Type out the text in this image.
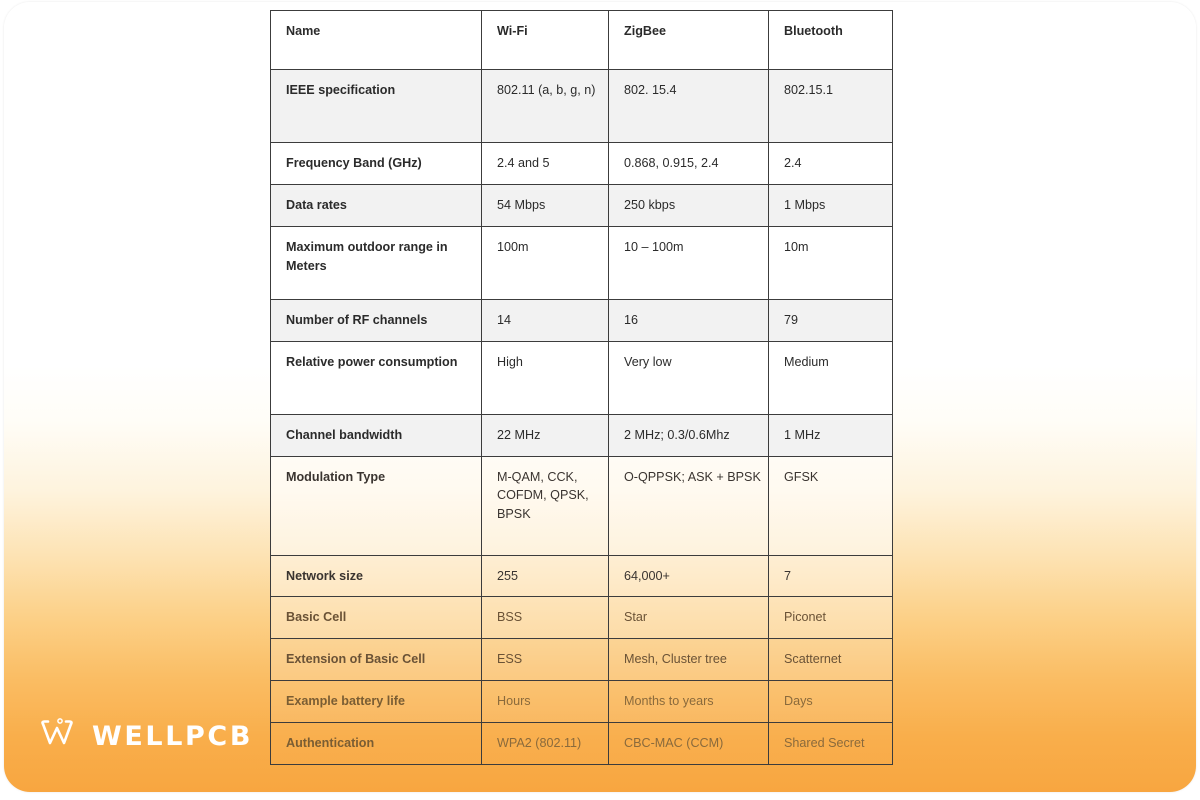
Name	Wi-Fi	ZigBee	Bluetooth
IEEE specification	802.11 (a, b, g, n)	802. 15.4	802.15.1
Frequency Band (GHz)	2.4 and 5	0.868, 0.915, 2.4	2.4
Data rates	54 Mbps	250 kbps	1 Mbps
Maximum outdoor range in Meters	100m	10 – 100m	10m
Number of RF channels	14	16	79
Relative power consumption	High	Very low	Medium
Channel bandwidth	22 MHz	2 MHz; 0.3/0.6Mhz	1 MHz
Modulation Type	M-QAM, CCK, COFDM, QPSK, BPSK	O-QPPSK; ASK + BPSK	GFSK
Network size	255	64,000+	7
Basic Cell	BSS	Star	Piconet
Extension of Basic Cell	ESS	Mesh, Cluster tree	Scatternet
Example battery life	Hours	Months to years	Days
Authentication	WPA2 (802.11)	CBC-MAC (CCM)	Shared Secret
WELLPCB
